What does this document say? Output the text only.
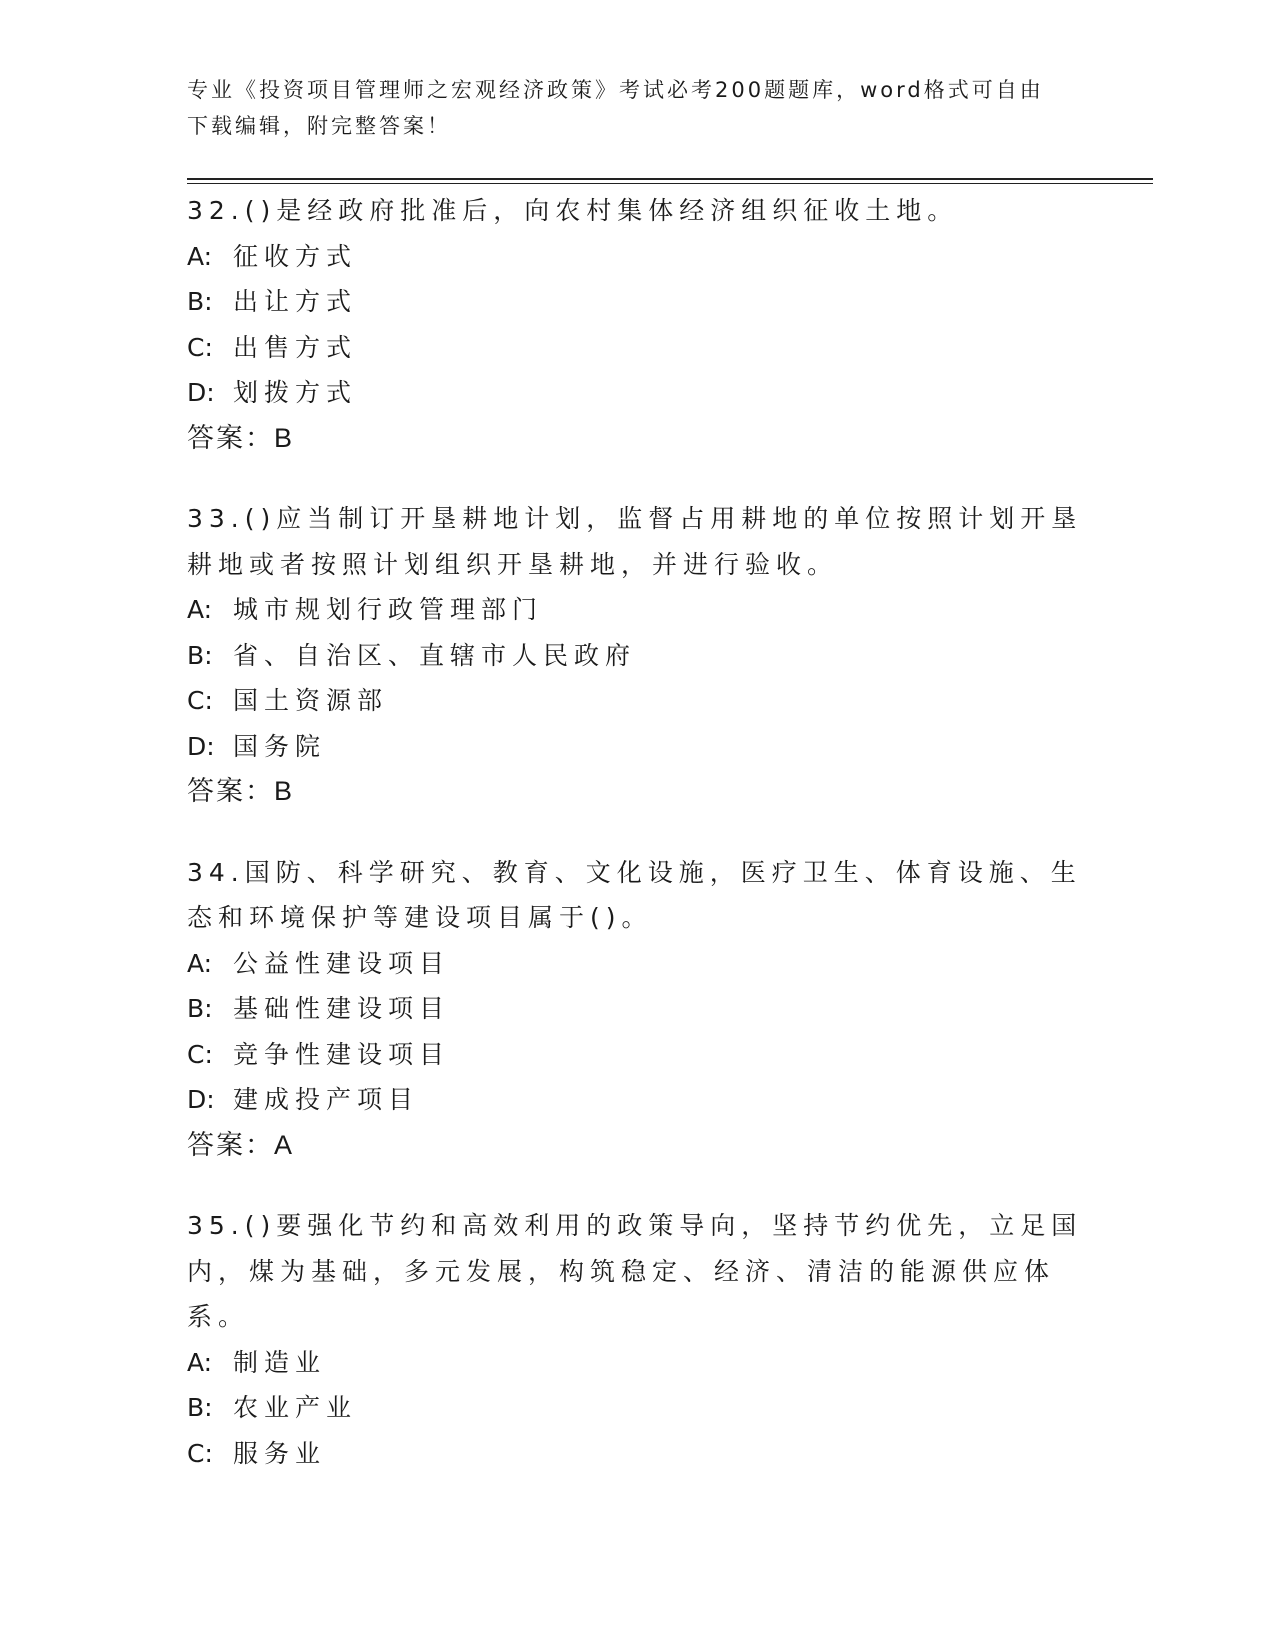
专业《投资项目管理师之宏观经济政策》考试必考200题题库，word格式可自由下载编辑，附完整答案！
32.()是经政府批准后，向农村集体经济组织征收土地。
A: 征收方式
B: 出让方式
C: 出售方式
D: 划拨方式
答案：B
33.()应当制订开垦耕地计划，监督占用耕地的单位按照计划开垦耕地或者按照计划组织开垦耕地，并进行验收。
A: 城市规划行政管理部门
B: 省、自治区、直辖市人民政府
C: 国土资源部
D: 国务院
答案：B
34.国防、科学研究、教育、文化设施，医疗卫生、体育设施、生态和环境保护等建设项目属于()。
A: 公益性建设项目
B: 基础性建设项目
C: 竞争性建设项目
D: 建成投产项目
答案：A
35.()要强化节约和高效利用的政策导向，坚持节约优先，立足国内，煤为基础，多元发展，构筑稳定、经济、清洁的能源供应体系。
A: 制造业
B: 农业产业
C: 服务业
